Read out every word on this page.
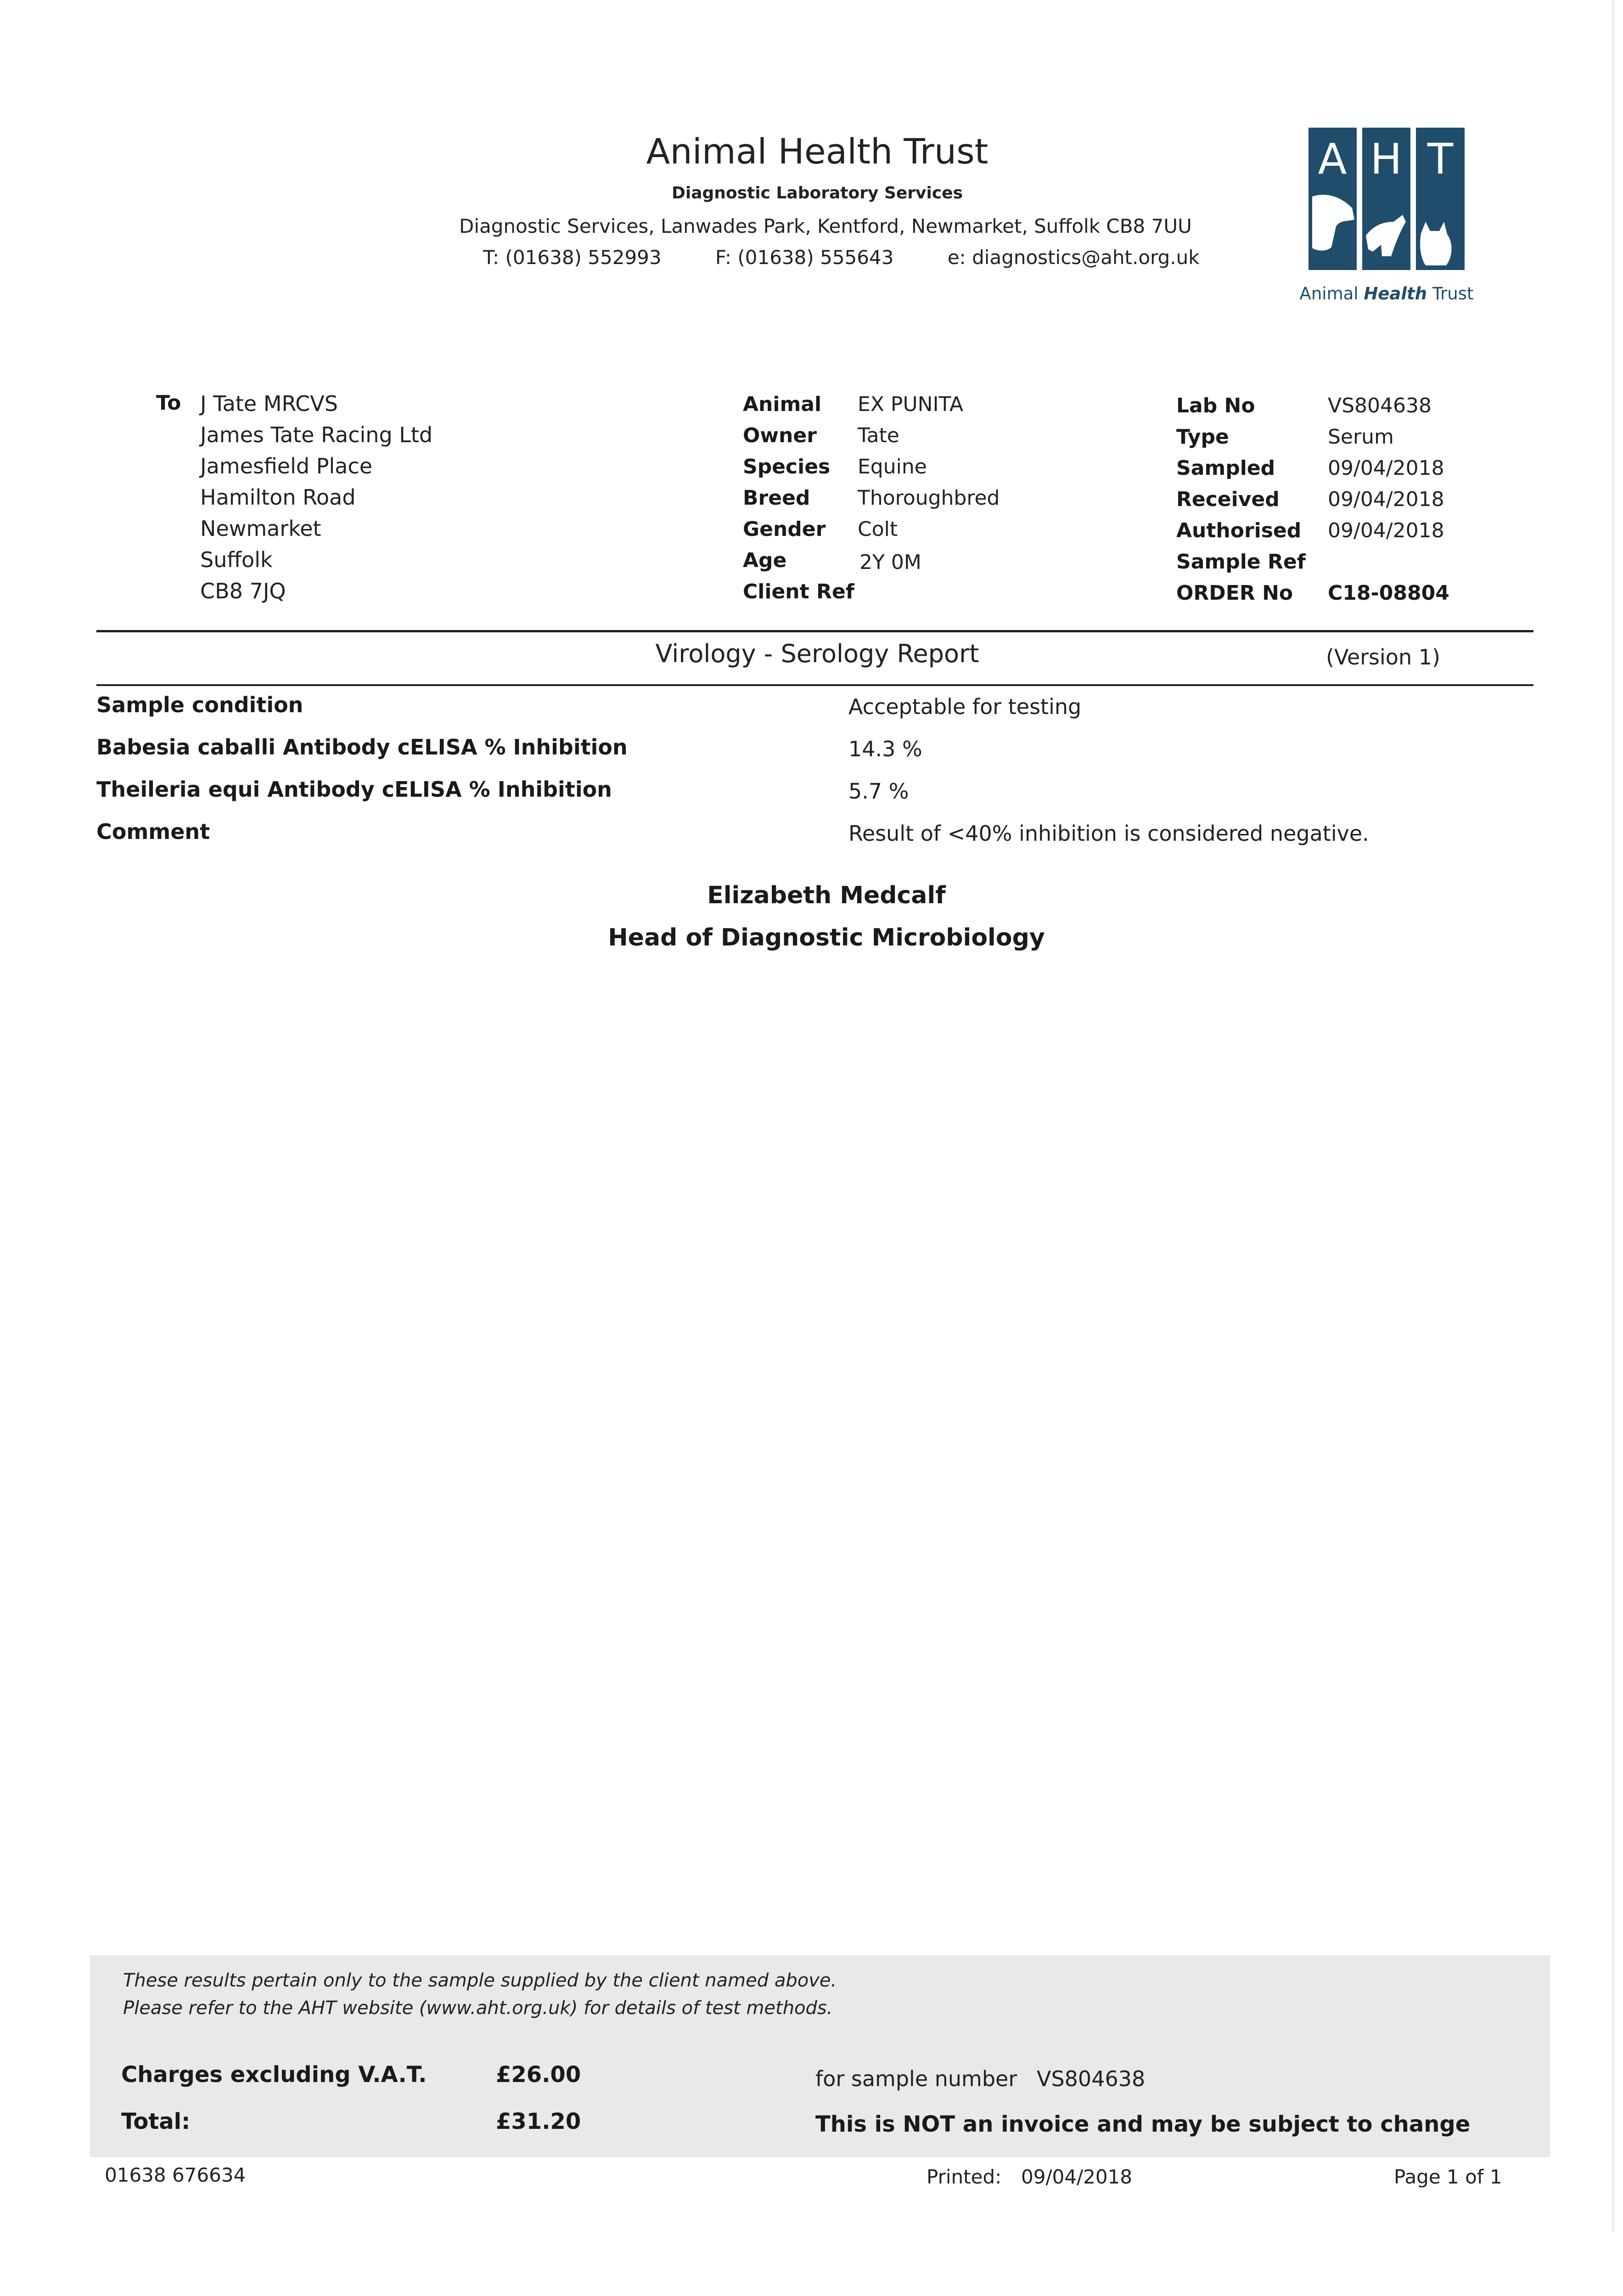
Animal Health Trust
Diagnostic Laboratory Services
Diagnostic Services, Lanwades Park, Kentford, Newmarket, Suffolk CB8 7UU
T: (01638) 552993	F: (01638) 555643	e: diagnostics@aht.org.uk
A H T
Animal Health Trust
To J Tate MRCVS
James Tate Racing Ltd
Jamesfield Place
Hamilton Road
Newmarket
Suffolk
CB8 7JQ
Animal EX PUNITA
Owner Tate
Species Equine
Breed Thoroughbred
Gender Colt
Age	2Y 0M
Client Ref
Lab No	VS804638
Type	Serum
Sampled	09/04/2018
Received 09/04/2018
Authorised 09/04/2018
Sample Ref
ORDER No C18-08804
Virology - Serology Report	(Version 1)
Sample condition	Acceptable for testing
Babesia caballi Antibody cELISA % Inhibition	14.3 %
Theileria equi Antibody cELISA % Inhibition	5.7 %
Comment	Result of <40% inhibition is considered negative.
Elizabeth Medcalf
Head of Diagnostic Microbiology
These results pertain only to the sample supplied by the client named above.
Please refer to the AHT website (www.aht.org.uk) for details of test methods.
Charges excluding V.A.T.	£26.00
Total:	£31.20
for sample number VS804638
This is NOT an invoice and may be subject to change
01638 676634	Printed: 09/04/2018	Page 1 of 1
